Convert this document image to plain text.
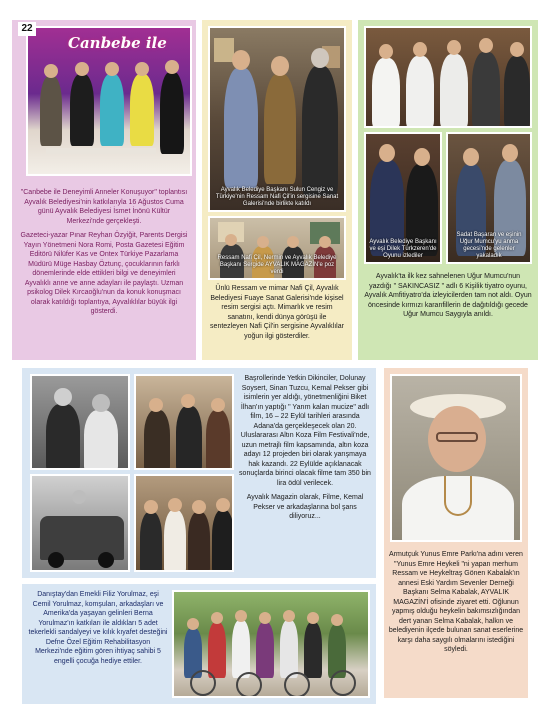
22
Canbebe ile

"Canbebe ile Deneyimli Anneler Konuşuyor" toplantısı Ayvalık Belediyesi'nin katkılarıyla 16 Ağustos Cuma günü Ayvalık Belediyesi İsmet İnönü Kültür Merkezi'nde gerçekleşti.

Gazeteci-yazar Pınar Reyhan Özyiğit, Parents Dergisi Yayın Yönetmeni Nora Romi, Posta Gazetesi Eğitim Editörü Nilüfer Kas ve Ontex Türkiye Pazarlama Müdürü Müge Hasbay Öztunç, çocuklarının farklı dönemlerinde elde ettikleri bilgi ve deneyimleri Ayvalıklı anne ve anne adayları ile paylaştı. Uzman psikolog Dilek Kırcaoğlu'nun da konuk konuşmacı olarak katıldığı toplantıya, Ayvalıklılar büyük ilgi gösterdi.

Ayvalık Belediye Başkanı Sulun Cengiz ve Türkiye'nin Ressam Nafi Çil'in sergisine Sanat Galerisi'nde birlikte katıldı
Ressam Nafi Çil, Nermin ve Ayvalık Belediye Başkanı Sergide AYVALIK MAGAZİN'e poz verdi

Ünlü Ressam ve mimar Nafi Çil, Ayvalık Belediyesi Fuaye Sanat Galerisi'nde kişisel resim sergisi açtı. Mimarlık ve resim sanatını, kendi dünya görüşü ile sentezleyen Nafi Çil'in sergisine Ayvalıklılar yoğun ilgi gösterdiler.

Ayvalık Belediye Başkanı ve eşi Dilek Türkzeren'de Oyunu izlediler
Sadat Başaran ve eşinin Uğur Mumcu'yu anma gecesi'nde gelenler yakaladık

Ayvalık'ta ilk kez sahnelenen Uğur Mumcu'nun yazdığı " SAKINCASIZ " adlı 6 Kişilik tiyatro oyunu, Ayvalık Amfitiyatro'da izleyicilerden tam not aldı. Oyun öncesinde kırmızı karanfillerin de dağıtıldığı gecede Uğur Mumcu Saygıyla anıldı.

Başrollerinde Yetkin Dikinciler, Dolunay Soysert, Sinan Tuzcu, Kemal Pekser gibi isimlerin yer aldığı, yönetmenliğini Biket İlhan'ın yaptığı " Yarım kalan mucize" adlı film, 16 – 22 Eylül tarihleri arasında Adana'da gerçekleşecek olan 20. Uluslararası Altın Koza Film Festivali'nde, uzun metrajlı film kapsamında, altın koza adayı 12 projeden biri olarak yarışmaya hak kazandı. 22 Eylülde açıklanacak sonuçlarda birinci olacak filme tam 350 bin lira ödül verilecek.

Ayvalık Magazin olarak, Filme, Kemal Pekser ve arkadaşlarına bol şans diliyoruz...

Armutçuk Yunus Emre Parkı'na adını veren "Yunus Emre Heykeli "ni yapan merhum Ressam ve Heykeltraş Gönen Kabalak'ın annesi Eski Yardım Sevenler Derneği Başkanı Selma Kabalak, AYVALIK MAGAZİN'İ ofisinde ziyaret etti. Oğlunun yapmış olduğu heykelin bakımsızlığından dert yanan Selma Kabalak, halkın ve belediyenin ilçede bulunan sanat eserlerine karşı daha saygılı olmalarını istediğini söyledi.

Danıştay'dan Emekli Filiz Yorulmaz, eşi Cemil Yorulmaz, komşuları, arkadaşları ve Amerika'da yaşayan gelinleri Berna Yorulmaz'ın katkıları ile aldıkları 5 adet tekerlekli sandalyeyi ve kılık kıyafet desteğini Defne Özel Eğitim Rehabilitasyon Merkezi'nde eğitim gören ihtiyaç sahibi 5 engelli çocuğa hediye ettiler.
